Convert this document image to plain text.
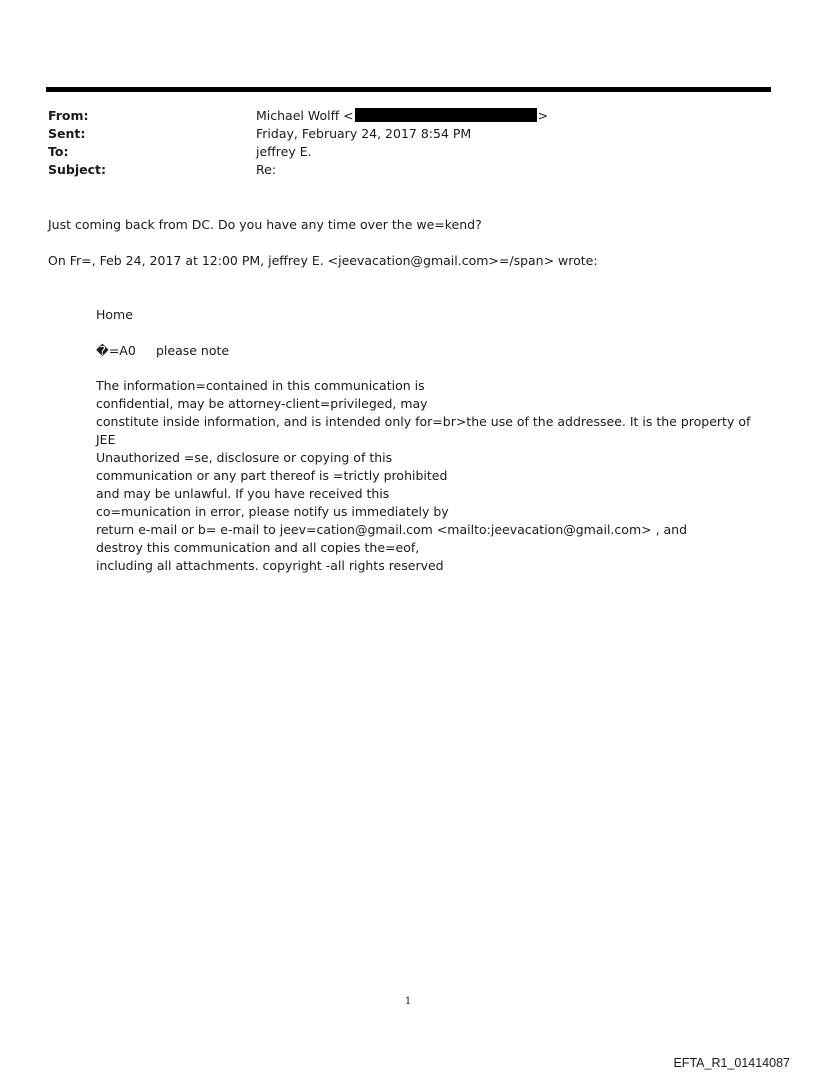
From:	Michael Wolff <	>
Sent:	Friday, February 24, 2017 8:54 PM
To:	jeffrey E.
Subject:	Re:
Just coming back from DC. Do you have any time over the we=kend?
On Fr=, Feb 24, 2017 at 12:00 PM, jeffrey E. <jeevacation@gmail.com>=/span> wrote:
Home
�=A0 please note
The information=contained in this communication is
confidential, may be attorney-client=privileged, may
constitute inside information, and is intended only for=br>the use of the addressee. It is the property of
JEE
Unauthorized =se, disclosure or copying of this
communication or any part thereof is =trictly prohibited
and may be unlawful. If you have received this
co=munication in error, please notify us immediately by
return e-mail or b= e-mail to jeev=cation@gmail.com <mailto:jeevacation@gmail.com> , and
destroy this communication and all copies the=eof,
including all attachments. copyright -all rights reserved
1
EFTA_R1_01414087
